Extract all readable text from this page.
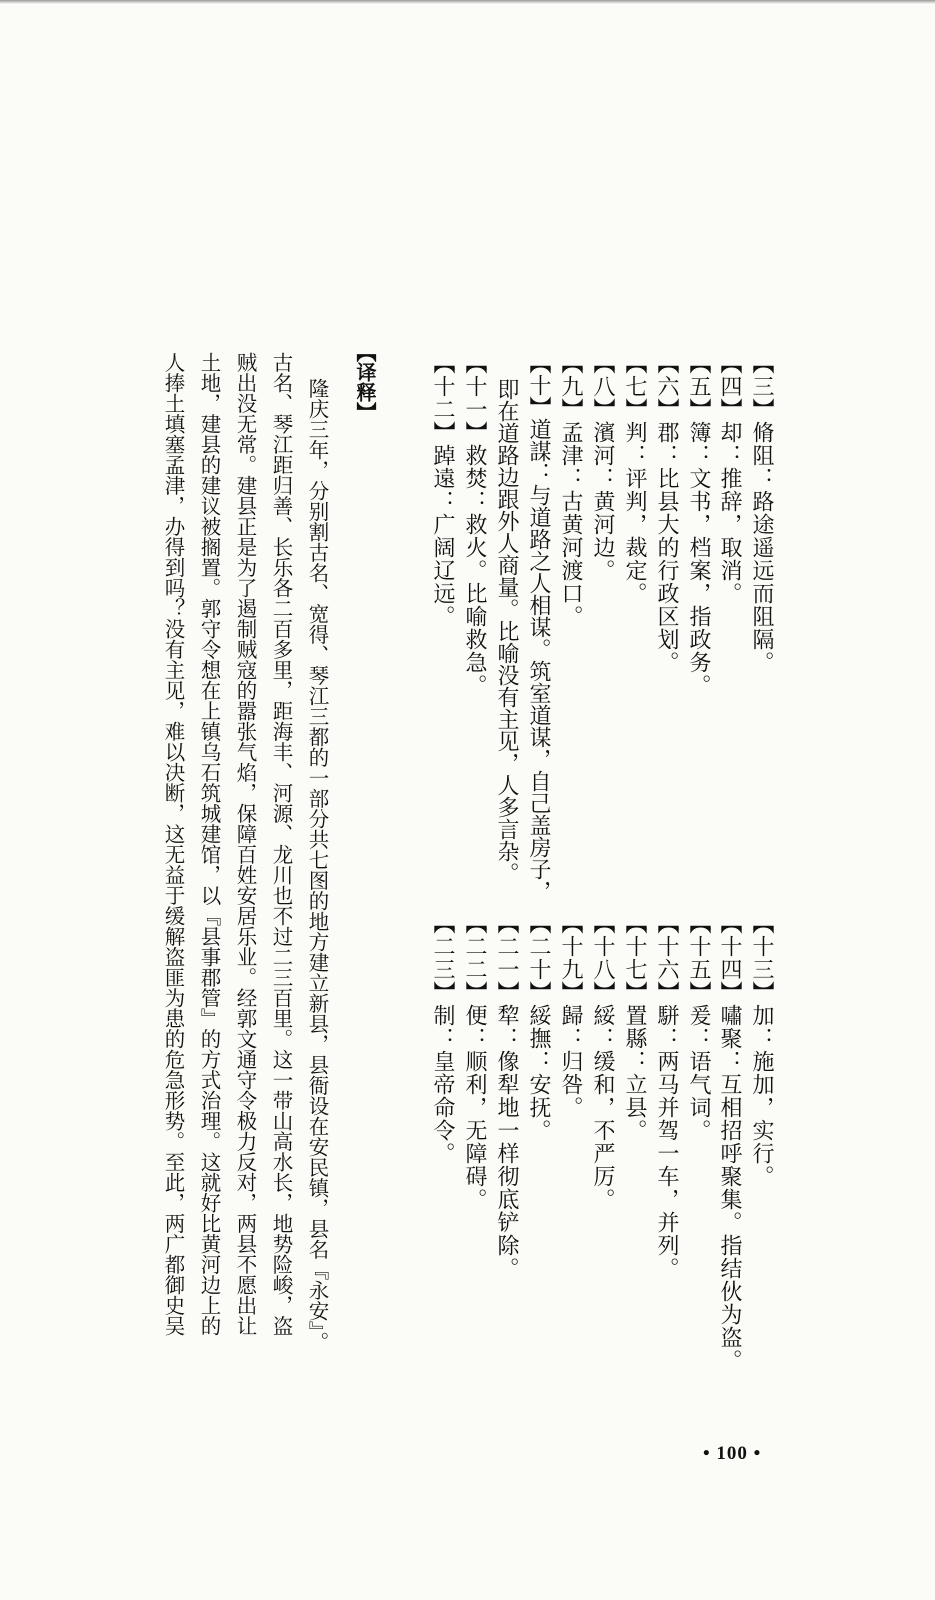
【三】脩阻：路途遥远而阻隔。
【四】却：推辞，取消。
【五】簿：文书，档案，指政务。
【六】郡：比县大的行政区划。
【七】判：评判，裁定。
【八】濱河：黄河边。
【九】孟津：古黄河渡口。
【十】道謀：与道路之人相谋。筑室道谋，自己盖房子，
即在道路边跟外人商量。比喻没有主见，人多言杂。
【十一】救焚：救火。比喻救急。
【十二】踔遠：广阔辽远。
【十三】加：施加，实行。
【十四】嘯聚：互相招呼聚集。指结伙为盗。
【十五】爰：语气词。
【十六】駢：两马并驾一车，并列。
【十七】置縣：立县。
【十八】綏：缓和，不严厉。
【十九】歸：归咎。
【二十】綏撫：安抚。
【二一】犂：像犁地一样彻底铲除。
【二二】便：顺利，无障碍。
【二三】制：皇帝命令。
【译释】
隆庆三年，分别割古名、宽得、琴江三都的一部分共七图的地方建立新县，县衙设在安民镇，县名『永安』。
古名、琴江距归善、长乐各二百多里，距海丰、河源、龙川也不过二三百里。这一带山高水长，地势险峻，盗
贼出没无常。建县正是为了遏制贼寇的嚣张气焰，保障百姓安居乐业。经郭文通守令极力反对，两县不愿出让
土地，建县的建议被搁置。郭守令想在上镇乌石筑城建馆，以『县事郡管』的方式治理。这就好比黄河边上的
人捧土填塞孟津，办得到吗？没有主见，难以决断，这无益于缓解盗匪为患的危急形势。至此，两广都御史吴
• 100 •
